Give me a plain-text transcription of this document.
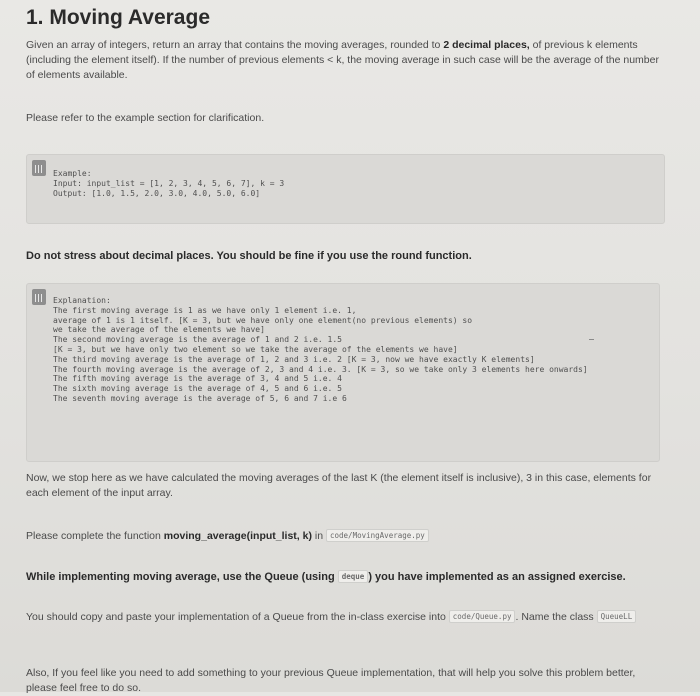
1. Moving Average
Given an array of integers, return an array that contains the moving averages, rounded to 2 decimal places, of previous k elements (including the element itself). If the number of previous elements < k, the moving average in such case will be the average of the number of elements available.
Please refer to the example section for clarification.
Example:
Input: input_list = [1, 2, 3, 4, 5, 6, 7], k = 3
Output: [1.0, 1.5, 2.0, 3.0, 4.0, 5.0, 6.0]
Do not stress about decimal places. You should be fine if you use the round function.
Explanation:
The first moving average is 1 as we have only 1 element i.e. 1,
average of 1 is 1 itself. [K = 3, but we have only one element(no previous elements) so
we take the average of the elements we have]
The second moving average is the average of 1 and 2 i.e. 1.5
[K = 3, but we have only two element so we take the average of the elements we have]
The third moving average is the average of 1, 2 and 3 i.e. 2 [K = 3, now we have exactly K elements]
The fourth moving average is the average of 2, 3 and 4 i.e. 3. [K = 3, so we take only 3 elements here onwards]
The fifth moving average is the average of 3, 4 and 5 i.e. 4
The sixth moving average is the average of 4, 5 and 6 i.e. 5
The seventh moving average is the average of 5, 6 and 7 i.e 6
Now, we stop here as we have calculated the moving averages of the last K (the element itself is inclusive), 3 in this case, elements for each element of the input array.
Please complete the function moving_average(input_list, k) in code/MovingAverage.py
While implementing moving average, use the Queue (using deque ) you have implemented as an assigned exercise.
You should copy and paste your implementation of a Queue from the in-class exercise into code/Queue.py . Name the class QueueLL
Also, If you feel like you need to add something to your previous Queue implementation, that will help you solve this problem better, please feel free to do so.
